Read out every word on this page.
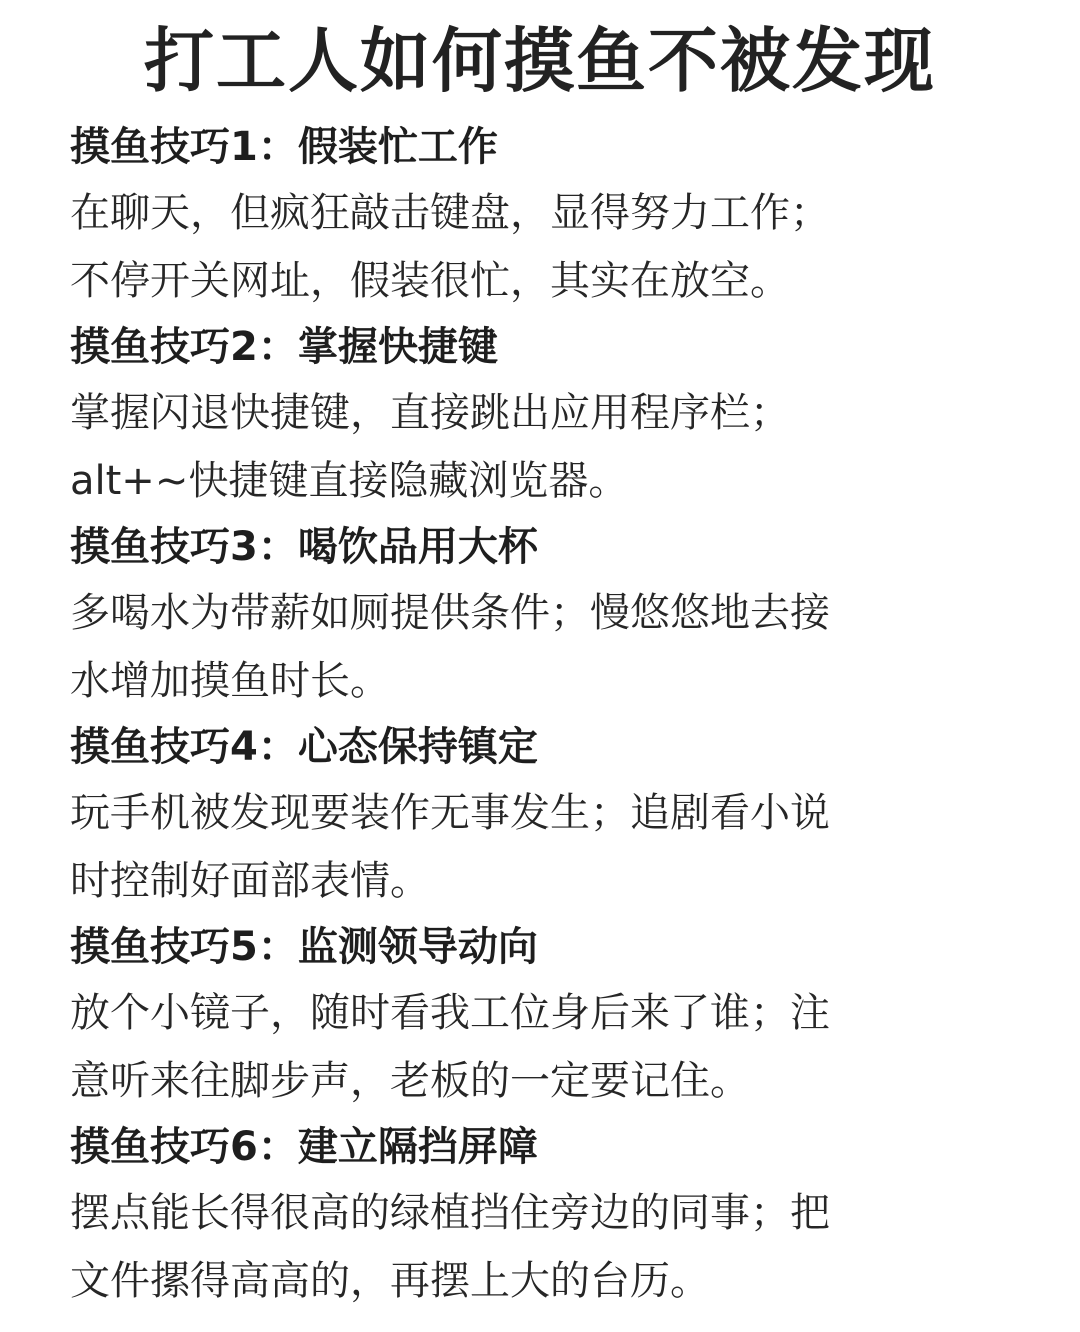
打工人如何摸鱼不被发现
摸鱼技巧1：假装忙工作
在聊天，但疯狂敲击键盘，显得努力工作；
不停开关网址，假装很忙，其实在放空。
摸鱼技巧2：掌握快捷键
掌握闪退快捷键，直接跳出应用程序栏；
alt+~快捷键直接隐藏浏览器。
摸鱼技巧3：喝饮品用大杯
多喝水为带薪如厕提供条件；慢悠悠地去接
水增加摸鱼时长。
摸鱼技巧4：心态保持镇定
玩手机被发现要装作无事发生；追剧看小说
时控制好面部表情。
摸鱼技巧5：监测领导动向
放个小镜子，随时看我工位身后来了谁；注
意听来往脚步声，老板的一定要记住。
摸鱼技巧6：建立隔挡屏障
摆点能长得很高的绿植挡住旁边的同事；把
文件摞得高高的，再摆上大的台历。
